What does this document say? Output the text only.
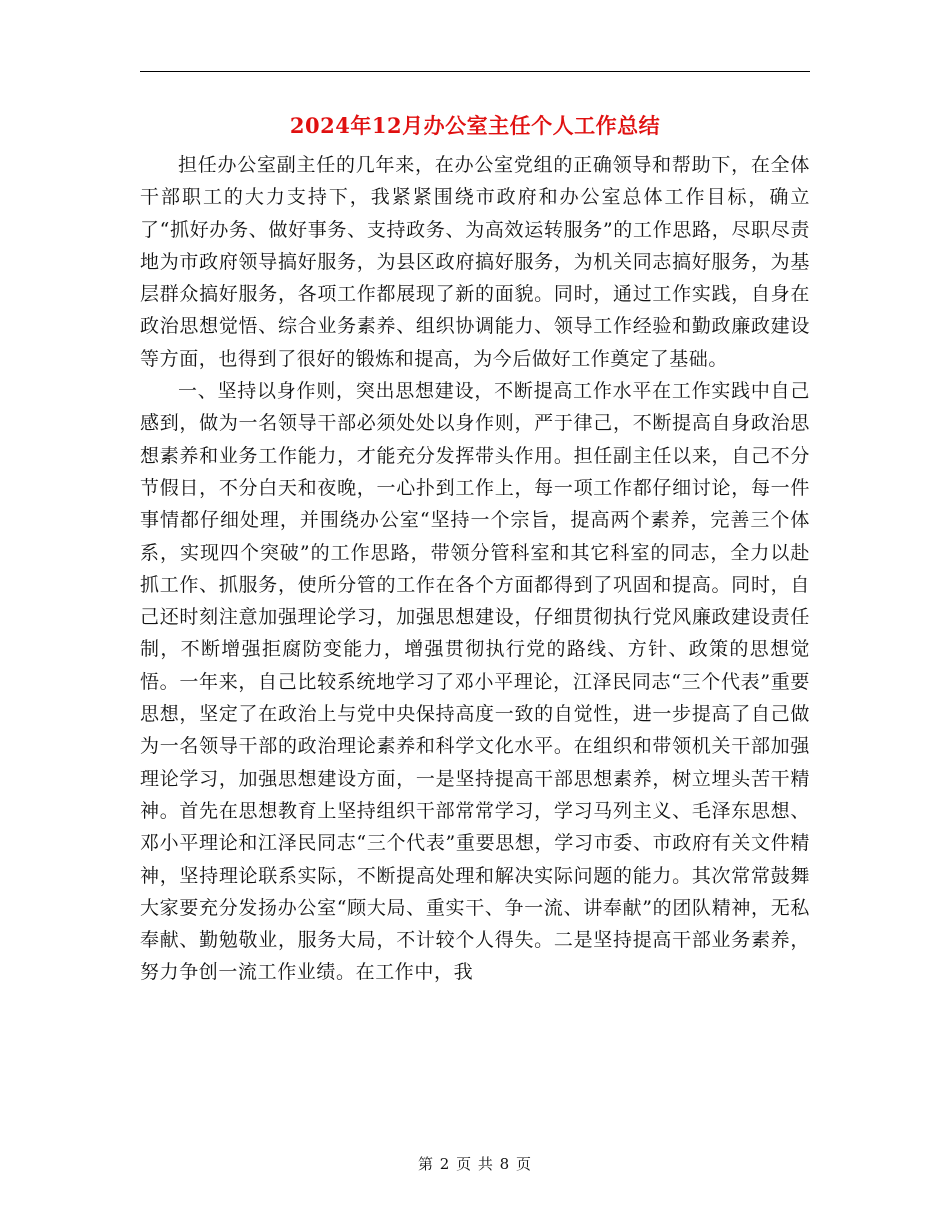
2024年12月办公室主任个人工作总结

担任办公室副主任的几年来，在办公室党组的正确领导和帮助下，在全体干部职工的大力支持下，我紧紧围绕市政府和办公室总体工作目标，确立了“抓好办务、做好事务、支持政务、为高效运转服务”的工作思路，尽职尽责地为市政府领导搞好服务，为县区政府搞好服务，为机关同志搞好服务，为基层群众搞好服务，各项工作都展现了新的面貌。同时，通过工作实践，自身在政治思想觉悟、综合业务素养、组织协调能力、领导工作经验和勤政廉政建设等方面，也得到了很好的锻炼和提高，为今后做好工作奠定了基础。

一、坚持以身作则，突出思想建设，不断提高工作水平在工作实践中自己感到，做为一名领导干部必须处处以身作则，严于律己，不断提高自身政治思想素养和业务工作能力，才能充分发挥带头作用。担任副主任以来，自己不分节假日，不分白天和夜晚，一心扑到工作上，每一项工作都仔细讨论，每一件事情都仔细处理，并围绕办公室“坚持一个宗旨，提高两个素养，完善三个体系，实现四个突破”的工作思路，带领分管科室和其它科室的同志，全力以赴抓工作、抓服务，使所分管的工作在各个方面都得到了巩固和提高。同时，自己还时刻注意加强理论学习，加强思想建设，仔细贯彻执行党风廉政建设责任制，不断增强拒腐防变能力，增强贯彻执行党的路线、方针、政策的思想觉悟。一年来，自己比较系统地学习了邓小平理论，江泽民同志“三个代表”重要思想，坚定了在政治上与党中央保持高度一致的自觉性，进一步提高了自己做为一名领导干部的政治理论素养和科学文化水平。在组织和带领机关干部加强理论学习，加强思想建设方面，一是坚持提高干部思想素养，树立埋头苦干精神。首先在思想教育上坚持组织干部常常学习，学习马列主义、毛泽东思想、邓小平理论和江泽民同志“三个代表”重要思想，学习市委、市政府有关文件精神，坚持理论联系实际，不断提高处理和解决实际问题的能力。其次常常鼓舞大家要充分发扬办公室“顾大局、重实干、争一流、讲奉献”的团队精神，无私奉献、勤勉敬业，服务大局，不计较个人得失。二是坚持提高干部业务素养，努力争创一流工作业绩。在工作中，我

第 2 页 共 8 页
